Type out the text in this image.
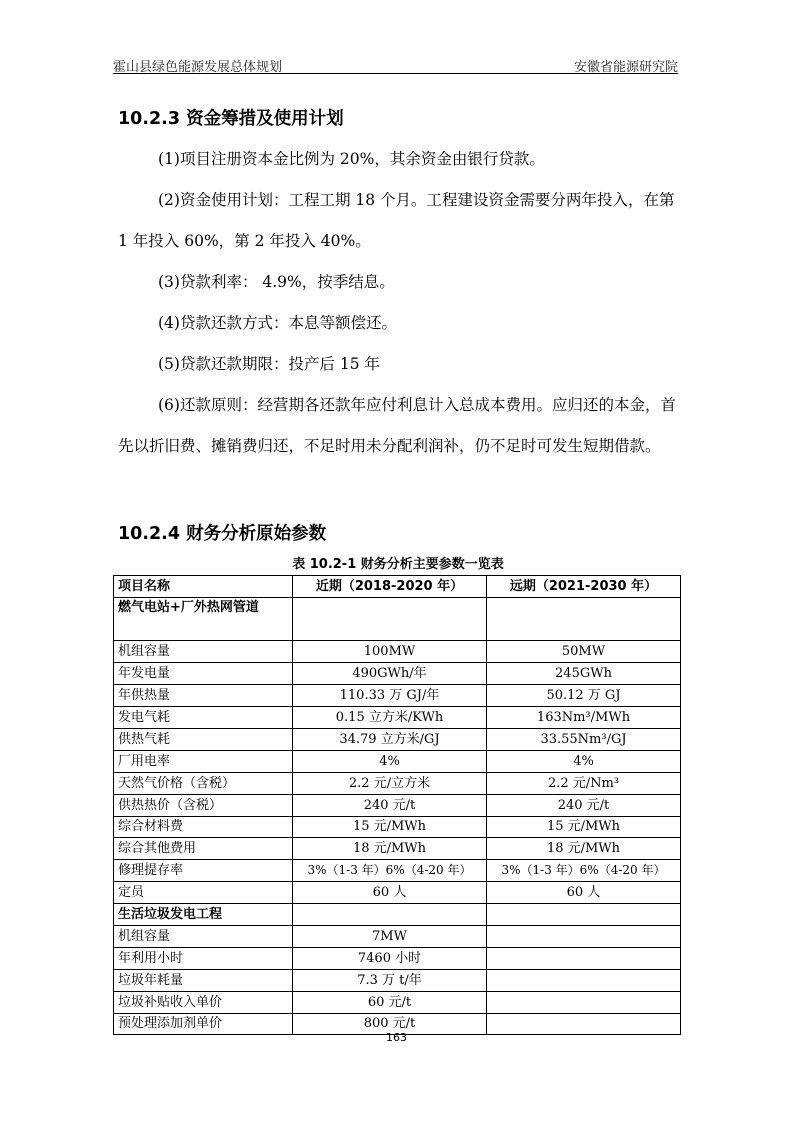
霍山县绿色能源发展总体规划	安徽省能源研究院
10.2.3 资金筹措及使用计划
(1)项目注册资本金比例为 20%，其余资金由银行贷款。
(2)资金使用计划：工程工期 18 个月。工程建设资金需要分两年投入，在第 1 年投入 60%，第 2 年投入 40%。
(3)贷款利率： 4.9%，按季结息。
(4)贷款还款方式：本息等额偿还。
(5)贷款还款期限：投产后 15 年
(6)还款原则：经营期各还款年应付利息计入总成本费用。应归还的本金，首先以折旧费、摊销费归还，不足时用未分配利润补，仍不足时可发生短期借款。
10.2.4 财务分析原始参数
表 10.2-1 财务分析主要参数一览表
项目名称	近期（2018-2020 年）	远期（2021-2030 年）
燃气电站+厂外热网管道		
机组容量	100MW	50MW
年发电量	490GWh/年	245GWh
年供热量	110.33 万 GJ/年	50.12 万 GJ
发电气耗	0.15 立方米/KWh	163Nm³/MWh
供热气耗	34.79 立方米/GJ	33.55Nm³/GJ
厂用电率	4%	4%
天然气价格（含税）	2.2 元/立方米	2.2 元/Nm³
供热热价（含税）	240 元/t	240 元/t
综合材料费	15 元/MWh	15 元/MWh
综合其他费用	18 元/MWh	18 元/MWh
修理提存率	3%（1-3 年）6%（4-20 年）	3%（1-3 年）6%（4-20 年）
定员	60 人	60 人
生活垃圾发电工程		
机组容量	7MW	
年利用小时	7460 小时	
垃圾年耗量	7.3 万 t/年	
垃圾补贴收入单价	60 元/t	
预处理添加剂单价	800 元/t	
163
